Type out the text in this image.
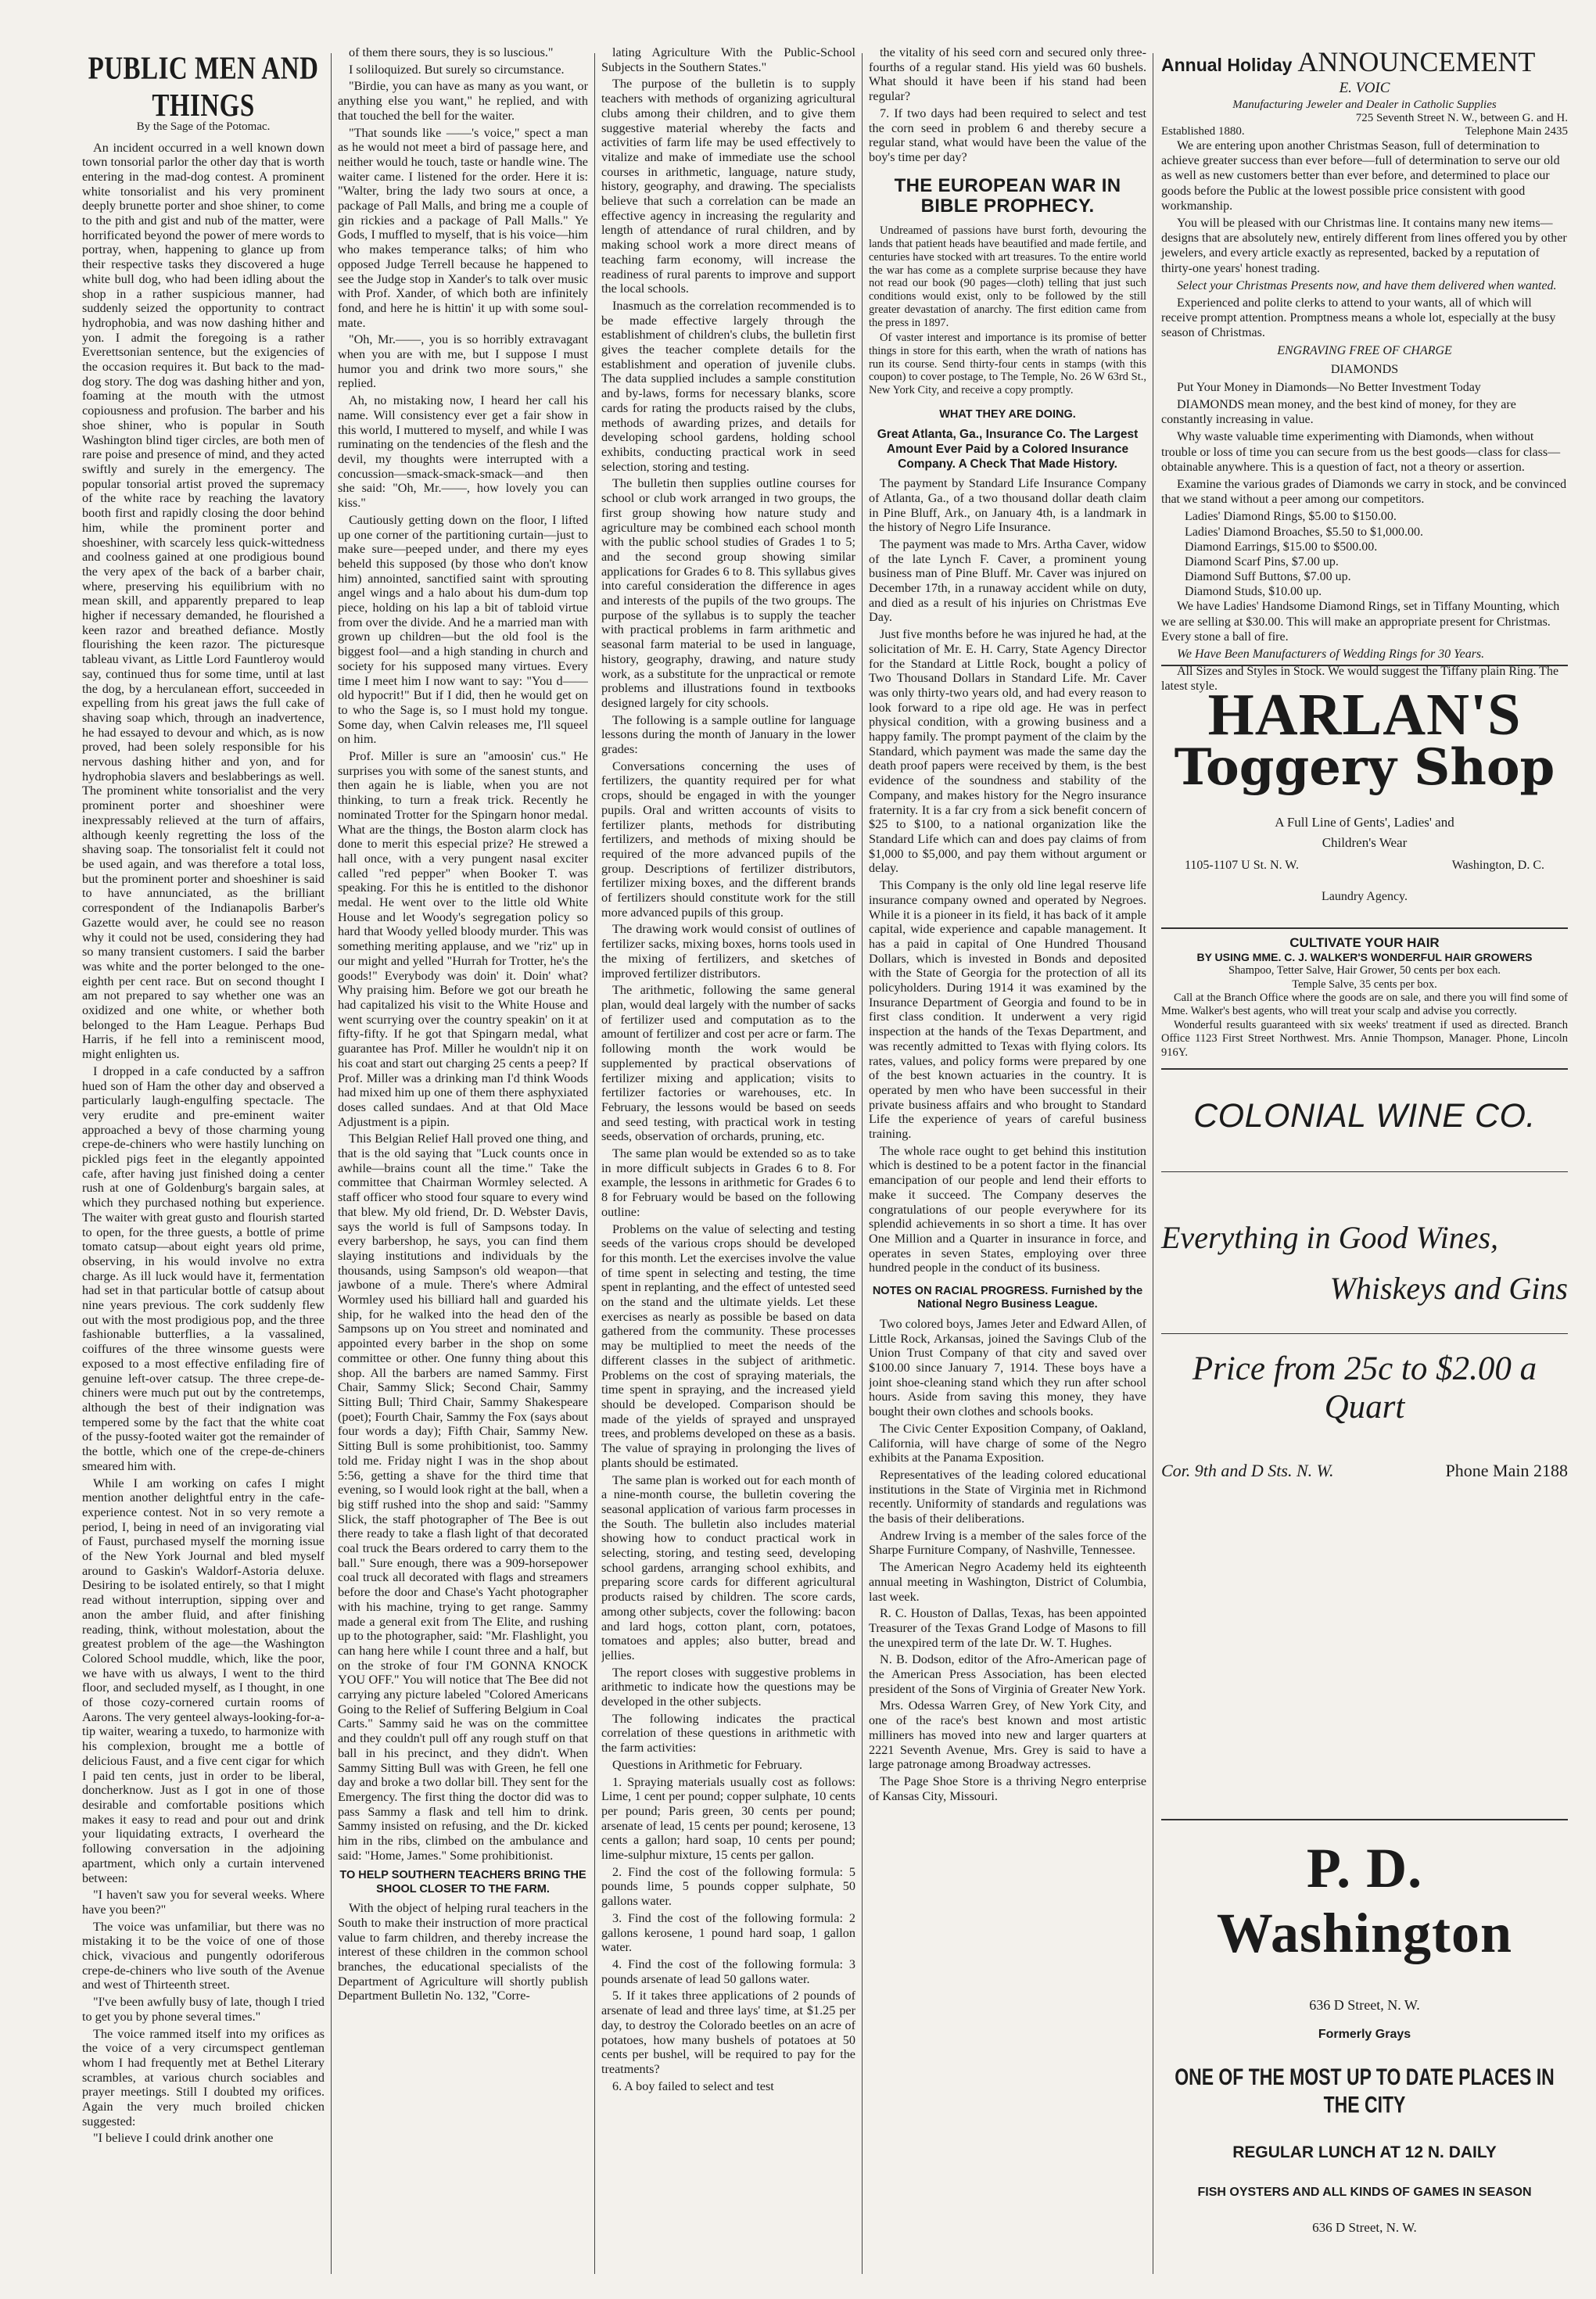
PUBLIC MEN AND THINGS
By the Sage of the Potomac.

An incident occurred in a well known down town tonsorial parlor the other day that is worth entering in the mad-dog contest. A prominent white tonsorialist and his very prominent deeply brunette porter and shoe shiner, to come to the pith and gist and nub of the matter, were horrificated beyond the power of mere words to portray, when, happening to glance up from their respective tasks they discovered a huge white bull dog, who had been idling about the shop in a rather suspicious manner, had suddenly seized the opportunity to contract hydrophobia, and was now dashing hither and yon. I admit the foregoing is a rather Everettsonian sentence, but the exigencies of the occasion requires it. But back to the mad-dog story. The dog was dashing hither and yon, foaming at the mouth with the utmost copiousness and profusion. The barber and his shoe shiner, who is popular in South Washington blind tiger circles, are both men of rare poise and presence of mind, and they acted swiftly and surely in the emergency. The popular tonsorial artist proved the supremacy of the white race by reaching the lavatory booth first and rapidly closing the door behind him, while the prominent porter and shoeshiner, with scarcely less quick-wittedness and coolness gained at one prodigious bound the very apex of the back of a barber chair, where, preserving his equilibrium with no mean skill, and apparently prepared to leap higher if necessary demanded, he flourished a keen razor and breathed defiance. Mostly flourishing the keen razor. The picturesque tableau vivant, as Little Lord Fauntleroy would say, continued thus for some time, until at last the dog, by a herculanean effort, succeeded in expelling from his great jaws the full cake of shaving soap which, through an inadvertence, he had essayed to devour and which, as is now proved, had been solely responsible for his nervous dashing hither and yon, and for hydrophobia slavers and beslabberings as well. The prominent white tonsorialist and the very prominent porter and shoeshiner were inexpressably relieved at the turn of affairs, although keenly regretting the loss of the shaving soap. The tonsorialist felt it could not be used again, and was therefore a total loss, but the prominent porter and shoeshiner is said to have annunciated, as the brilliant correspondent of the Indianapolis Barber's Gazette would aver, he could see no reason why it could not be used, considering they had so many transient customers. I said the barber was white and the porter belonged to the one-eighth per cent race. But on second thought I am not prepared to say whether one was an oxidized and one white, or whether both belonged to the Ham League. Perhaps Bud Harris, if he fell into a reminiscent mood, might enlighten us.

I dropped in a cafe conducted by a saffron hued son of Ham the other day and observed a particularly laugh-engulfing spectacle. The very erudite and pre-eminent waiter approached a bevy of those charming young crepe-de-chiners who were hastily lunching on pickled pigs feet in the elegantly appointed cafe, after having just finished doing a center rush at one of Goldenburg's bargain sales, at which they purchased nothing but experience. The waiter with great gusto and flourish started to open, for the three guests, a bottle of prime tomato catsup—about eight years old prime, observing, in his would involve no extra charge. As ill luck would have it, fermentation had set in that particular bottle of catsup about nine years previous. The cork suddenly flew out with the most prodigious pop, and the three fashionable butterflies, a la vassalined, coiffures of the three winsome guests were exposed to a most effective enfilading fire of genuine left-over catsup. The three crepe-de-chiners were much put out by the contretemps, although the best of their indignation was tempered some by the fact that the white coat of the pussy-footed waiter got the remainder of the bottle, which one of the crepe-de-chiners smeared him with.

While I am working on cafes I might mention another delightful entry in the cafe-experience contest. Not in so very remote a period, I, being in need of an invigorating vial of Faust, purchased myself the morning issue of the New York Journal and bled myself around to Gaskin's Waldorf-Astoria deluxe. Desiring to be isolated entirely, so that I might read without interruption, sipping over and anon the amber fluid, and after finishing reading, think, without molestation, about the greatest problem of the age—the Washington Colored School muddle, which, like the poor, we have with us always, I went to the third floor, and secluded myself, as I thought, in one of those cozy-cornered curtain rooms of Aarons. The very genteel always-looking-for-a-tip waiter, wearing a tuxedo, to harmonize with his complexion, brought me a bottle of delicious Faust, and a five cent cigar for which I paid ten cents, just in order to be liberal, doncherknow. Just as I got in one of those desirable and comfortable positions which makes it easy to read and pour out and drink your liquidating extracts, I overheard the following conversation in the adjoining apartment, which only a curtain intervened between:

"I haven't saw you for several weeks. Where have you been?"

The voice was unfamiliar, but there was no mistaking it to be the voice of one of those chick, vivacious and pungently odoriferous crepe-de-chiners who live south of the Avenue and west of Thirteenth street.

"I've been awfully busy of late, though I tried to get you by phone several times."

The voice rammed itself into my orifices as the voice of a very circumspect gentleman whom I had frequently met at Bethel Literary scrambles, at various church sociables and prayer meetings. Still I doubted my orifices. Again the very much broiled chicken suggested:

"I believe I could drink another one

of them there sours, they is so luscious."

I soliloquized. But surely so circumstance.

"Birdie, you can have as many as you want, or anything else you want," he replied, and with that touched the bell for the waiter.

"That sounds like ——'s voice," spect a man as he would not meet a bird of passage here, and neither would he touch, taste or handle wine. The waiter came. I listened for the order. Here it is: "Walter, bring the lady two sours at once, a package of Pall Malls, and bring me a couple of gin rickies and a package of Pall Malls." Ye Gods, I muffled to myself, that is his voice—him who makes temperance talks; of him who opposed Judge Terrell because he happened to see the Judge stop in Xander's to talk over music with Prof. Xander, of which both are infinitely fond, and here he is hittin' it up with some soul-mate.

"Oh, Mr.——, you is so horribly extravagant when you are with me, but I suppose I must humor you and drink two more sours," she replied.

Ah, no mistaking now, I heard her call his name. Will consistency ever get a fair show in this world, I muttered to myself, and while I was ruminating on the tendencies of the flesh and the devil, my thoughts were interrupted with a concussion—smack-smack-smack—and then she said: "Oh, Mr.——, how lovely you can kiss."

Cautiously getting down on the floor, I lifted up one corner of the partitioning curtain—just to make sure—peeped under, and there my eyes beheld this supposed (by those who don't know him) annointed, sanctified saint with sprouting angel wings and a halo about his dum-dum top piece, holding on his lap a bit of tabloid virtue from over the divide. And he a married man with grown up children—but the old fool is the biggest fool—and a high standing in church and society for his supposed many virtues. Every time I meet him I now want to say: "You d—— old hypocrit!" But if I did, then he would get on to who the Sage is, so I must hold my tongue. Some day, when Calvin releases me, I'll squeel on him.

Prof. Miller is sure an "amoosin' cus." He surprises you with some of the sanest stunts, and then again he is liable, when you are not thinking, to turn a freak trick. Recently he nominated Trotter for the Spingarn honor medal. What are the things, the Boston alarm clock has done to merit this especial prize? He strewed a hall once, with a very pungent nasal exciter called "red pepper" when Booker T. was speaking. For this he is entitled to the dishonor medal. He went over to the little old White House and let Woody's segregation policy so hard that Woody yelled bloody murder. This was something meriting applause, and we "riz" up in our might and yelled "Hurrah for Trotter, he's the goods!" Everybody was doin' it. Doin' what? Why praising him. Before we got our breath he had capitalized his visit to the White House and went scurrying over the country speakin' on it at fifty-fifty. If he got that Spingarn medal, what guarantee has Prof. Miller he wouldn't nip it on his coat and start out charging 25 cents a peep? If Prof. Miller was a drinking man I'd think Woods had mixed him up one of them there asphyxiated doses called sundaes. And at that Old Mace Adjustment is a pipin.

This Belgian Relief Hall proved one thing, and that is the old saying that "Luck counts once in awhile—brains count all the time." Take the committee that Chairman Wormley selected. A staff officer who stood four square to every wind that blew. My old friend, Dr. D. Webster Davis, says the world is full of Sampsons today. In every barbershop, he says, you can find them slaying institutions and individuals by the thousands, using Sampson's old weapon—that jawbone of a mule. There's where Admiral Wormley used his billiard hall and guarded his ship, for he walked into the head den of the Sampsons up on You street and nominated and appointed every barber in the shop on some committee or other. One funny thing about this shop. All the barbers are named Sammy. First Chair, Sammy Slick; Second Chair, Sammy Sitting Bull; Third Chair, Sammy Shakespeare (poet); Fourth Chair, Sammy the Fox (says about four words a day); Fifth Chair, Sammy New. Sitting Bull is some prohibitionist, too. Sammy told me. Friday night I was in the shop about 5:56, getting a shave for the third time that evening, so I would look right at the ball, when a big stiff rushed into the shop and said: "Sammy Slick, the staff photographer of The Bee is out there ready to take a flash light of that decorated coal truck the Bears ordered to carry them to the ball." Sure enough, there was a 909-horsepower coal truck all decorated with flags and streamers before the door and Chase's Yacht photographer with his machine, trying to get range. Sammy made a general exit from The Elite, and rushing up to the photographer, said: "Mr. Flashlight, you can hang here while I count three and a half, but on the stroke of four I'M GONNA KNOCK YOU OFF." You will notice that The Bee did not carrying any picture labeled "Colored Americans Going to the Relief of Suffering Belgium in Coal Carts." Sammy said he was on the committee and they couldn't pull off any rough stuff on that ball in his precinct, and they didn't. When Sammy Sitting Bull was with Green, he fell one day and broke a two dollar bill. They sent for the Emergency. The first thing the doctor did was to pass Sammy a flask and tell him to drink. Sammy insisted on refusing, and the Dr. kicked him in the ribs, climbed on the ambulance and said: "Home, James." Some prohibitionist.

TO HELP SOUTHERN TEACHERS BRING THE SHOOL CLOSER TO THE FARM.

With the object of helping rural teachers in the South to make their instruction of more practical value to farm children, and thereby increase the interest of these children in the common school branches, the educational specialists of the Department of Agriculture will shortly publish Department Bulletin No. 132, "Corre-

lating Agriculture With the Public-School Subjects in the Southern States."

The purpose of the bulletin is to supply teachers with methods of organizing agricultural clubs among their children, and to give them suggestive material whereby the facts and activities of farm life may be used effectively to vitalize and make of immediate use the school courses in arithmetic, language, nature study, history, geography, and drawing. The specialists believe that such a correlation can be made an effective agency in increasing the regularity and length of attendance of rural children, and by making school work a more direct means of teaching farm economy, will increase the readiness of rural parents to improve and support the local schools.

Inasmuch as the correlation recommended is to be made effective largely through the establishment of children's clubs, the bulletin first gives the teacher complete details for the establishment and operation of juvenile clubs. The data supplied includes a sample constitution and by-laws, forms for necessary blanks, score cards for rating the products raised by the clubs, methods of awarding prizes, and details for developing school gardens, holding school exhibits, conducting practical work in seed selection, storing and testing.

The bulletin then supplies outline courses for school or club work arranged in two groups, the first group showing how nature study and agriculture may be combined each school month with the public school studies of Grades 1 to 5; and the second group showing similar applications for Grades 6 to 8. This syllabus gives into careful consideration the difference in ages and interests of the pupils of the two groups. The purpose of the syllabus is to supply the teacher with practical problems in farm arithmetic and seasonal farm material to be used in language, history, geography, drawing, and nature study work, as a substitute for the unpractical or remote problems and illustrations found in textbooks designed largely for city schools.

The following is a sample outline for language lessons during the month of January in the lower grades:

Conversations concerning the uses of fertilizers, the quantity required per for what crops, should be engaged in with the younger pupils. Oral and written accounts of visits to fertilizer plants, methods for distributing fertilizers, and methods of mixing should be required of the more advanced pupils of the group. Descriptions of fertilizer distributors, fertilizer mixing boxes, and the different brands of fertilizers should constitute work for the still more advanced pupils of this group.

The drawing work would consist of outlines of fertilizer sacks, mixing boxes, horns tools used in the mixing of fertilizers, and sketches of improved fertilizer distributors.

The arithmetic, following the same general plan, would deal largely with the number of sacks of fertilizer used and computation as to the amount of fertilizer and cost per acre or farm. The following month the work would be supplemented by practical observations of fertilizer mixing and application; visits to fertilizer factories or warehouses, etc. In February, the lessons would be based on seeds and seed testing, with practical work in testing seeds, observation of orchards, pruning, etc.

The same plan would be extended so as to take in more difficult subjects in Grades 6 to 8. For example, the lessons in arithmetic for Grades 6 to 8 for February would be based on the following outline:

Problems on the value of selecting and testing seeds of the various crops should be developed for this month. Let the exercises involve the value of time spent in selecting and testing, the time spent in replanting, and the effect of untested seed on the stand and the ultimate yields. Let these exercises as nearly as possible be based on data gathered from the community. These processes may be multiplied to meet the needs of the different classes in the subject of arithmetic. Problems on the cost of spraying materials, the time spent in spraying, and the increased yield should be developed. Comparison should be made of the yields of sprayed and unsprayed trees, and problems developed on these as a basis. The value of spraying in prolonging the lives of plants should be estimated.

The same plan is worked out for each month of a nine-month course, the bulletin covering the seasonal application of various farm processes in the South. The bulletin also includes material showing how to conduct practical work in selecting, storing, and testing seed, developing school gardens, arranging school exhibits, and preparing score cards for different agricultural products raised by children. The score cards, among other subjects, cover the following: bacon and lard hogs, cotton plant, corn, potatoes, tomatoes and apples; also butter, bread and jellies.

The report closes with suggestive problems in arithmetic to indicate how the questions may be developed in the other subjects.

The following indicates the practical correlation of these questions in arithmetic with the farm activities:

Questions in Arithmetic for February.

1. Spraying materials usually cost as follows: Lime, 1 cent per pound; copper sulphate, 10 cents per pound; Paris green, 30 cents per pound; arsenate of lead, 15 cents per pound; kerosene, 13 cents a gallon; hard soap, 10 cents per pound; lime-sulphur mixture, 15 cents per gallon.

2. Find the cost of the following formula: 5 pounds lime, 5 pounds copper sulphate, 50 gallons water.

3. Find the cost of the following formula: 2 gallons kerosene, 1 pound hard soap, 1 gallon water.

4. Find the cost of the following formula: 3 pounds arsenate of lead 50 gallons water.

5. If it takes three applications of 2 pounds of arsenate of lead and three lays' time, at $1.25 per day, to destroy the Colorado beetles on an acre of potatoes, how many bushels of potatoes at 50 cents per bushel, will be required to pay for the treatments?

6. A boy failed to select and test

the vitality of his seed corn and secured only three-fourths of a regular stand. His yield was 60 bushels. What should it have been if his stand had been regular?

7. If two days had been required to select and test the corn seed in problem 6 and thereby secure a regular stand, what would have been the value of the boy's time per day?

THE EUROPEAN WAR IN BIBLE PROPHECY.

Undreamed of passions have burst forth, devouring the lands that patient heads have beautified and made fertile, and centuries have stocked with art treasures. To the entire world the war has come as a complete surprise because they have not read our book (90 pages—cloth) telling that just such conditions would exist, only to be followed by the still greater devastation of anarchy. The first edition came from the press in 1897.

Of vaster interest and importance is its promise of better things in store for this earth, when the wrath of nations has run its course. Send thirty-four cents in stamps (with this coupon) to cover postage, to The Temple, No. 26 W 63rd St., New York City, and receive a copy promptly.

WHAT THEY ARE DOING.
Great Atlanta, Ga., Insurance Co. The Largest Amount Ever Paid by a Colored Insurance Company. A Check That Made History.

The payment by Standard Life Insurance Company of Atlanta, Ga., of a two thousand dollar death claim in Pine Bluff, Ark., on January 4th, is a landmark in the history of Negro Life Insurance.

The payment was made to Mrs. Artha Caver, widow of the late Lynch F. Caver, a prominent young business man of Pine Bluff. Mr. Caver was injured on December 17th, in a runaway accident while on duty, and died as a result of his injuries on Christmas Eve Day.

Just five months before he was injured he had, at the solicitation of Mr. E. H. Carry, State Agency Director for the Standard at Little Rock, bought a policy of Two Thousand Dollars in Standard Life. Mr. Caver was only thirty-two years old, and had every reason to look forward to a ripe old age. He was in perfect physical condition, with a growing business and a happy family. The prompt payment of the claim by the Standard, which payment was made the same day the death proof papers were received by them, is the best evidence of the soundness and stability of the Company, and makes history for the Negro insurance fraternity. It is a far cry from a sick benefit concern of $25 to $100, to a national organization like the Standard Life which can and does pay claims of from $1,000 to $5,000, and pay them without argument or delay.

This Company is the only old line legal reserve life insurance company owned and operated by Negroes. While it is a pioneer in its field, it has back of it ample capital, wide experience and capable management. It has a paid in capital of One Hundred Thousand Dollars, which is invested in Bonds and deposited with the State of Georgia for the protection of all its policyholders. During 1914 it was examined by the Insurance Department of Georgia and found to be in first class condition. It underwent a very rigid inspection at the hands of the Texas Department, and was recently admitted to Texas with flying colors. Its rates, values, and policy forms were prepared by one of the best known actuaries in the country. It is operated by men who have been successful in their private business affairs and who brought to Standard Life the experience of years of careful business training.

The whole race ought to get behind this institution which is destined to be a potent factor in the financial emancipation of our people and lend their efforts to make it succeed. The Company deserves the congratulations of our people everywhere for its splendid achievements in so short a time. It has over One Million and a Quarter in insurance in force, and operates in seven States, employing over three hundred people in the conduct of its business.

NOTES ON RACIAL PROGRESS. Furnished by the National Negro Business League.

Two colored boys, James Jeter and Edward Allen, of Little Rock, Arkansas, joined the Savings Club of the Union Trust Company of that city and saved over $100.00 since January 7, 1914. These boys have a joint shoe-cleaning stand which they run after school hours. Aside from saving this money, they have bought their own clothes and schools books.

The Civic Center Exposition Company, of Oakland, California, will have charge of some of the Negro exhibits at the Panama Exposition.

Representatives of the leading colored educational institutions in the State of Virginia met in Richmond recently. Uniformity of standards and regulations was the basis of their deliberations.

Andrew Irving is a member of the sales force of the Sharpe Furniture Company, of Nashville, Tennessee.

The American Negro Academy held its eighteenth annual meeting in Washington, District of Columbia, last week.

R. C. Houston of Dallas, Texas, has been appointed Treasurer of the Texas Grand Lodge of Masons to fill the unexpired term of the late Dr. W. T. Hughes.

N. B. Dodson, editor of the Afro-American page of the American Press Association, has been elected president of the Sons of Virginia of Greater New York.

Mrs. Odessa Warren Grey, of New York City, and one of the race's best known and most artistic milliners has moved into new and larger quarters at 2221 Seventh Avenue, Mrs. Grey is said to have a large patronage among Broadway actresses.

The Page Shoe Store is a thriving Negro enterprise of Kansas City, Missouri.

Annual Holiday ANNOUNCEMENT
E. VOIC
Manufacturing Jeweler and Dealer in Catholic Supplies
725 Seventh Street N. W., between G. and H.
Established 1880.	Telephone Main 2435

We are entering upon another Christmas Season, full of determination to achieve greater success than ever before—full of determination to serve our old as well as new customers better than ever before, and determined to place our goods before the Public at the lowest possible price consistent with good workmanship.

You will be pleased with our Christmas line. It contains many new items—designs that are absolutely new, entirely different from lines offered you by other jewelers, and every article exactly as represented, backed by a reputation of thirty-one years' honest trading.

Select your Christmas Presents now, and have them delivered when wanted.

Experienced and polite clerks to attend to your wants, all of which will receive prompt attention. Promptness means a whole lot, especially at the busy season of Christmas.

ENGRAVING FREE OF CHARGE
DIAMONDS

Put Your Money in Diamonds—No Better Investment Today

DIAMONDS mean money, and the best kind of money, for they are constantly increasing in value.

Why waste valuable time experimenting with Diamonds, when without trouble or loss of time you can secure from us the best goods—class for class—obtainable anywhere. This is a question of fact, not a theory or assertion.

Examine the various grades of Diamonds we carry in stock, and be convinced that we stand without a peer among our competitors.

Ladies' Diamond Rings, $5.00 to $150.00.
Ladies' Diamond Broaches, $5.50 to $1,000.00.
Diamond Earrings, $15.00 to $500.00.
Diamond Scarf Pins, $7.00 up.
Diamond Suff Buttons, $7.00 up.
Diamond Studs, $10.00 up.

We have Ladies' Handsome Diamond Rings, set in Tiffany Mounting, which we are selling at $30.00. This will make an appropriate present for Christmas. Every stone a ball of fire.

We Have Been Manufacturers of Wedding Rings for 30 Years.

All Sizes and Styles in Stock. We would suggest the Tiffany plain Ring. The latest style.

HARLAN'S
Toggery Shop
A Full Line of Gents', Ladies' and
Children's Wear
1105-1107 U St. N. W.	Washington, D. C.
Laundry Agency.
CULTIVATE YOUR HAIR
BY USING MME. C. J. WALKER'S WONDERFUL HAIR GROWERS
Shampoo, Tetter Salve, Hair Grower, 50 cents per box each.
Temple Salve, 35 cents per box.
Call at the Branch Office where the goods are on sale, and there you will find some of Mme. Walker's best agents, who will treat your scalp and advise you correctly.
Wonderful results guaranteed with six weeks' treatment if used as directed. Branch Office 1123 First Street Northwest. Mrs. Annie Thompson, Manager. Phone, Lincoln 916Y.
COLONIAL WINE CO.
Everything in Good Wines,
Whiskeys and Gins
Price from 25c to $2.00 a Quart
Cor. 9th and D Sts. N. W.	Phone Main 2188
P. D. Washington
636 D Street, N. W.
Formerly Grays
ONE OF THE MOST UP TO DATE PLACES IN THE CITY
REGULAR LUNCH AT 12 N. DAILY
FISH OYSTERS AND ALL KINDS OF GAMES IN SEASON
636 D Street, N. W.
